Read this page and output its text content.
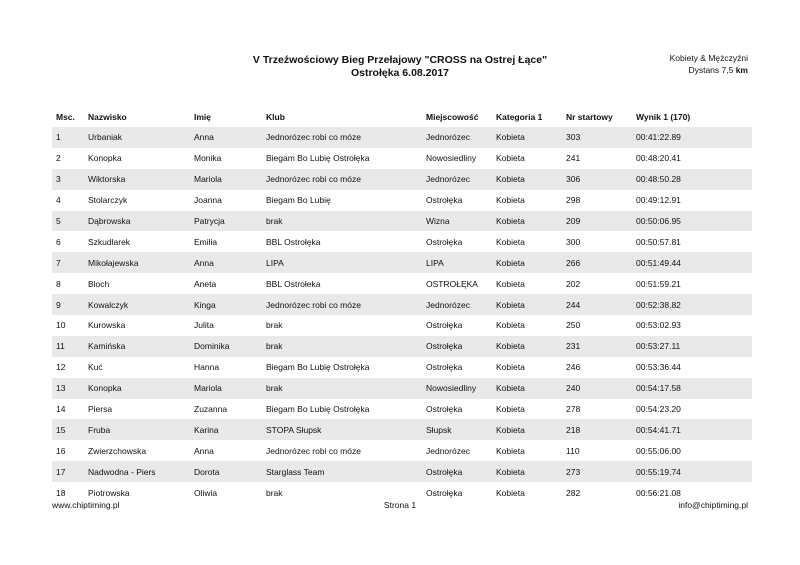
V Trzeźwościowy Bieg Przełajowy "CROSS na Ostrej Łące"
Ostrołęka 6.08.2017
Kobiety & Mężczyźni
Dystans 7,5 km
Msc.	Nazwisko	Imię	Klub	Miejscowość	Kategoria 1	Nr startowy	Wynik 1 (170)
1	Urbaniak	Anna	Jednorózec robi co móze	Jednorózec	Kobieta	303	00:41:22.89
2	Konopka	Monika	Biegam Bo Lubię Ostrołęka	Nowosiedliny	Kobieta	241	00:48:20.41
3	Wiktorska	Mariola	Jednorózec robi co móze	Jednorózec	Kobieta	306	00:48:50.28
4	Stolarczyk	Joanna	Biegam Bo Lubię	Ostrołęka	Kobieta	298	00:49:12.91
5	Dąbrowska	Patrycja	brak	Wizna	Kobieta	209	00:50:06.95
6	Szkudlarek	Emilia	BBL Ostrołęka	Ostrołęka	Kobieta	300	00:50:57.81
7	Mikołajewska	Anna	LIPA	LIPA	Kobieta	266	00:51:49.44
8	Bloch	Aneta	BBL Ostrołeka	OSTROŁĘKA	Kobieta	202	00:51:59.21
9	Kowalczyk	Kinga	Jednorózec robi co móze	Jednorózec	Kobieta	244	00:52:38.82
10	Kurowska	Julita	brak	Ostrołęka	Kobieta	250	00:53:02.93
11	Kamińska	Dominika	brak	Ostrołęka	Kobieta	231	00:53:27.11
12	Kuć	Hanna	Biegam Bo Lubię Ostrołęka	Ostrołęka	Kobieta	246	00:53:36.44
13	Konopka	Mariola	brak	Nowosiedliny	Kobieta	240	00:54:17.58
14	Piersa	Zuzanna	Biegam Bo Lubię Ostrołęka	Ostrołęka	Kobieta	278	00:54:23.20
15	Fruba	Karina	STOPA Słupsk	Słupsk	Kobieta	218	00:54:41.71
16	Zwierzchowska	Anna	Jednorózec robi co móze	Jednorózec	Kobieta	110	00:55:06.00
17	Nadwodna - Piers	Dorota	Starglass Team	Ostrołęka	Kobieta	273	00:55:19.74
18	Piotrowska	Oliwia	brak	Ostrołęka	Kobieta	282	00:56:21.08
www.chiptiming.pl	Strona 1	info@chiptiming.pl
